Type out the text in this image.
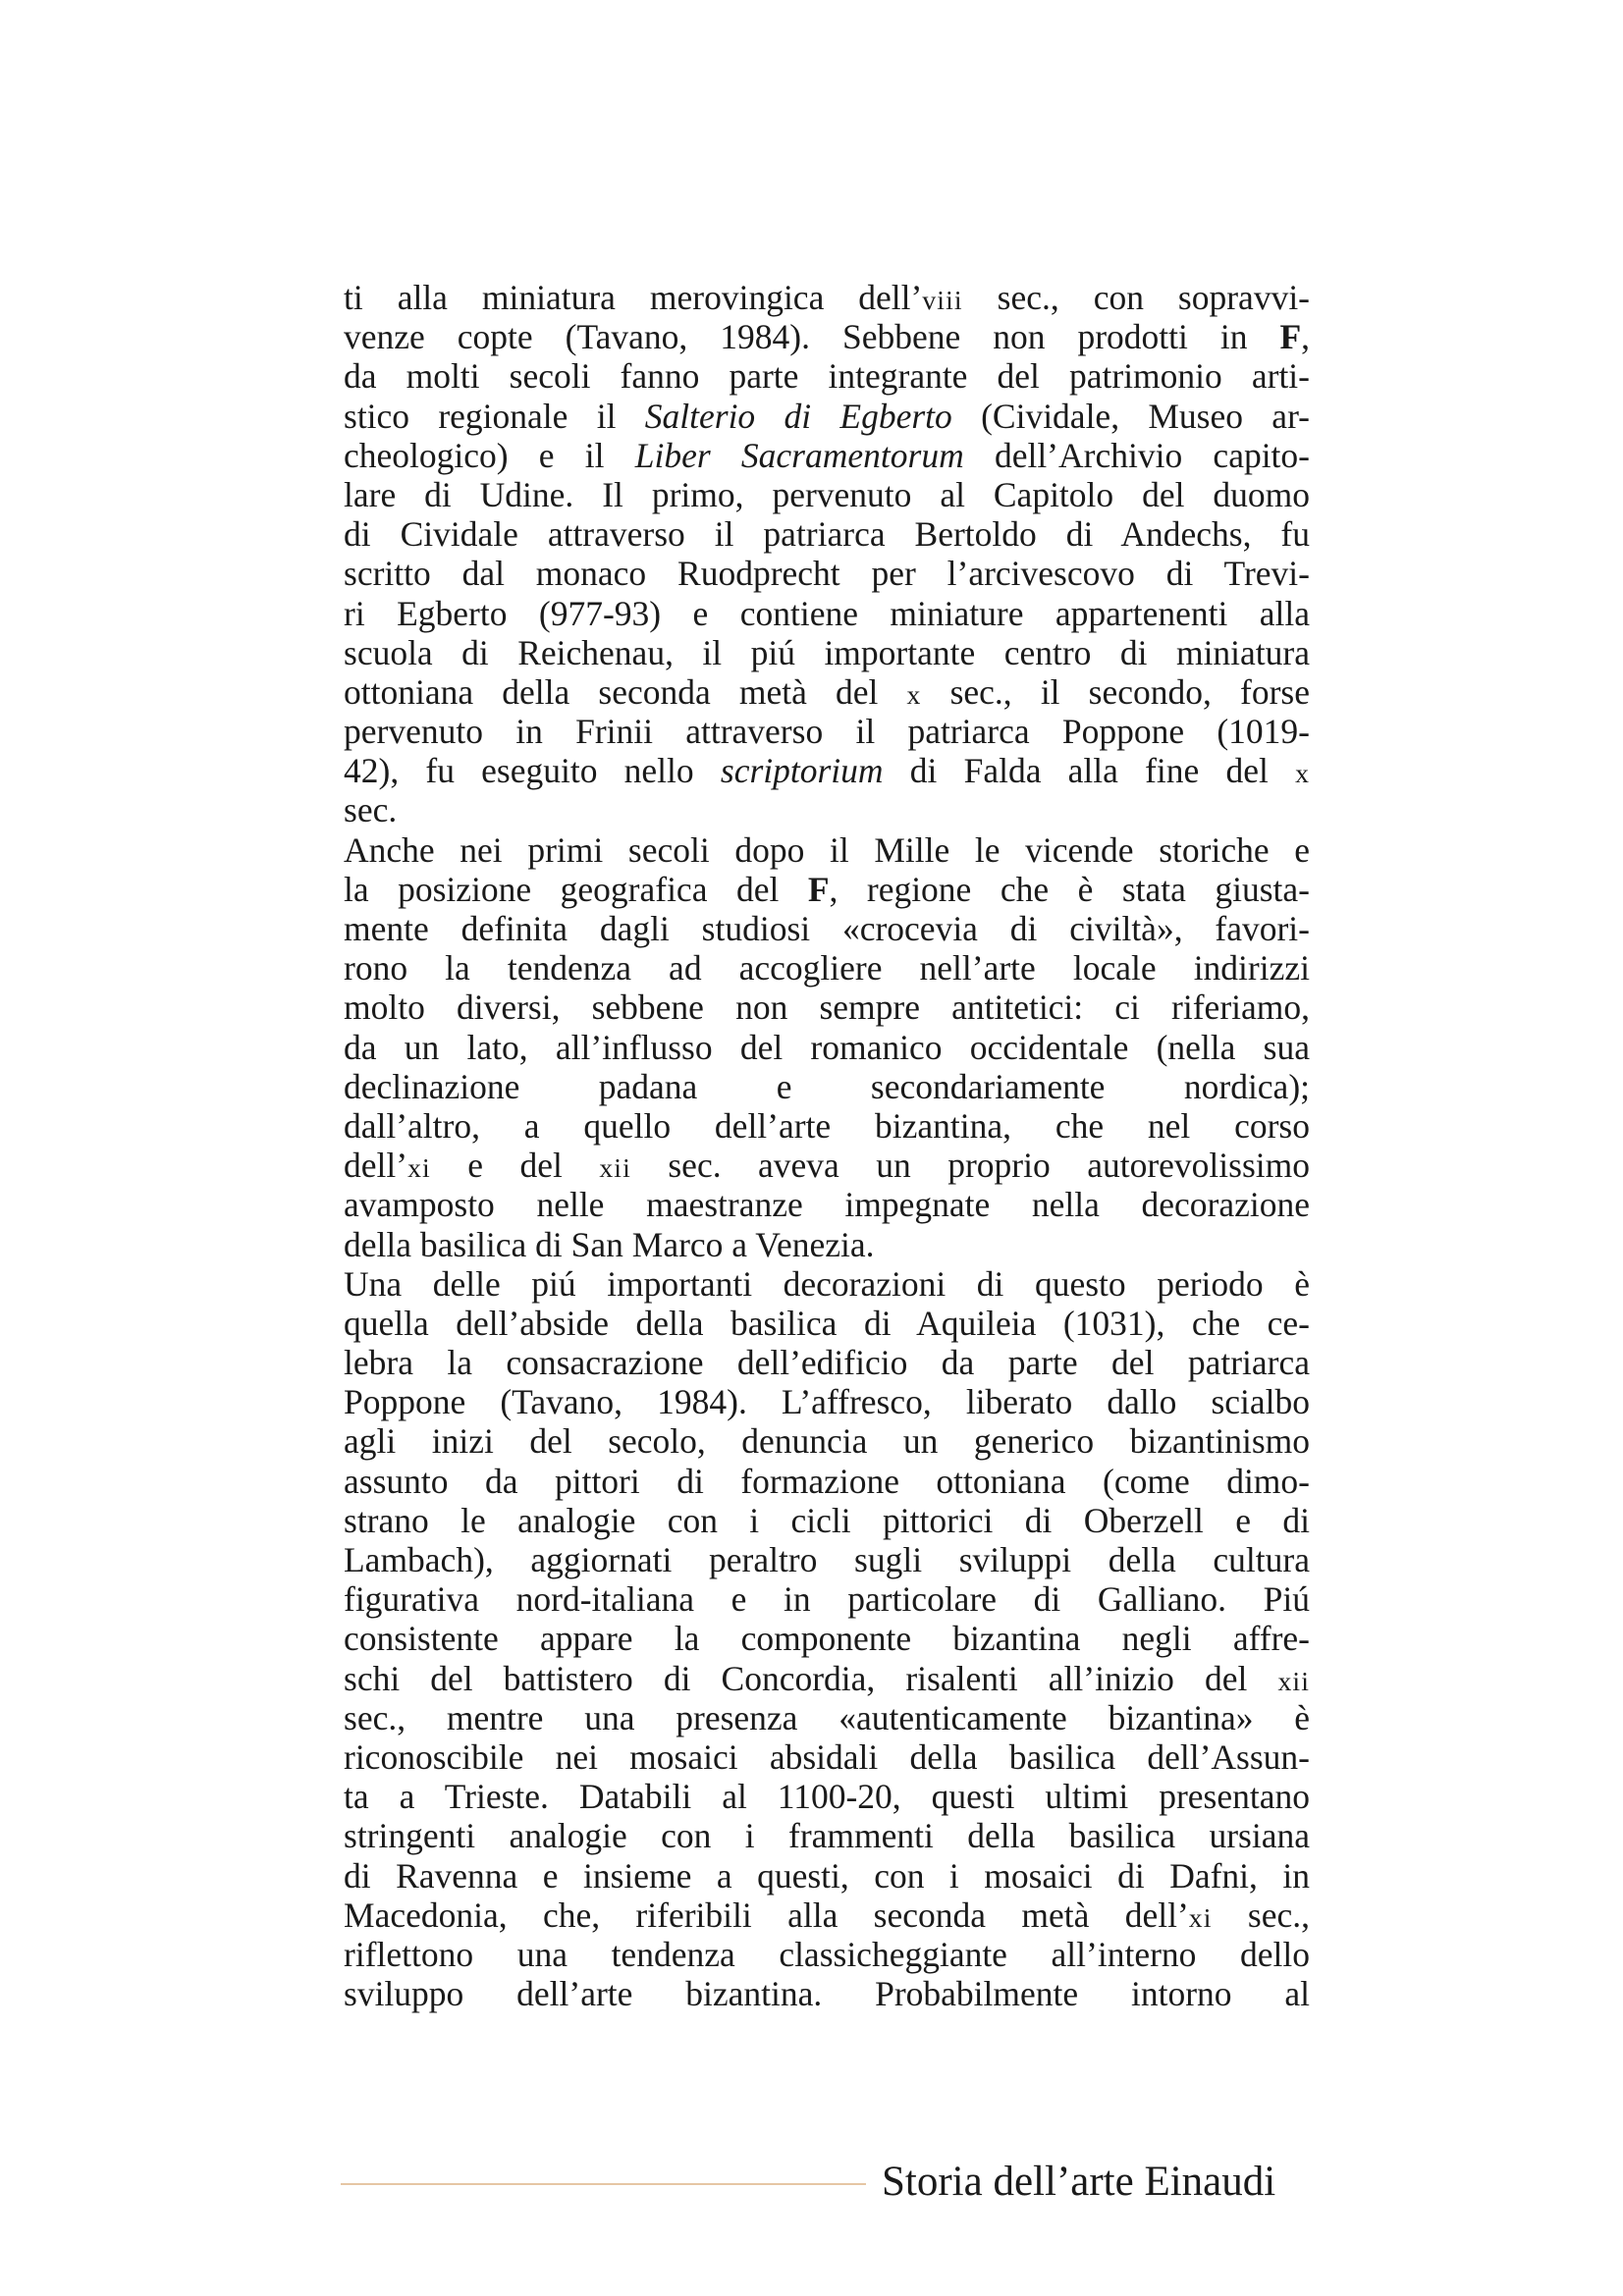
ti alla miniatura merovingica dell’viii sec., con sopravvi-
venze copte (Tavano, 1984). Sebbene non prodotti in F,
da molti secoli fanno parte integrante del patrimonio arti-
stico regionale il Salterio di Egberto (Cividale, Museo ar-
cheologico) e il Liber Sacramentorum dell’Archivio capito-
lare di Udine. Il primo, pervenuto al Capitolo del duomo
di Cividale attraverso il patriarca Bertoldo di Andechs, fu
scritto dal monaco Ruodprecht per l’arcivescovo di Trevi-
ri Egberto (977-93) e contiene miniature appartenenti alla
scuola di Reichenau, il piú importante centro di miniatura
ottoniana della seconda metà del x sec., il secondo, forse
pervenuto in Frinii attraverso il patriarca Poppone (1019-
42), fu eseguito nello scriptorium di Falda alla fine del x
sec.
Anche nei primi secoli dopo il Mille le vicende storiche e
la posizione geografica del F, regione che è stata giusta-
mente definita dagli studiosi «crocevia di civiltà», favori-
rono la tendenza ad accogliere nell’arte locale indirizzi
molto diversi, sebbene non sempre antitetici: ci riferiamo,
da un lato, all’influsso del romanico occidentale (nella sua
declinazione padana e secondariamente nordica);
dall’altro, a quello dell’arte bizantina, che nel corso
dell’xi e del xii sec. aveva un proprio autorevolissimo
avamposto nelle maestranze impegnate nella decorazione
della basilica di San Marco a Venezia.
Una delle piú importanti decorazioni di questo periodo è
quella dell’abside della basilica di Aquileia (1031), che ce-
lebra la consacrazione dell’edificio da parte del patriarca
Poppone (Tavano, 1984). L’affresco, liberato dallo scialbo
agli inizi del secolo, denuncia un generico bizantinismo
assunto da pittori di formazione ottoniana (come dimo-
strano le analogie con i cicli pittorici di Oberzell e di
Lambach), aggiornati peraltro sugli sviluppi della cultura
figurativa nord-italiana e in particolare di Galliano. Piú
consistente appare la componente bizantina negli affre-
schi del battistero di Concordia, risalenti all’inizio del xii
sec., mentre una presenza «autenticamente bizantina» è
riconoscibile nei mosaici absidali della basilica dell’Assun-
ta a Trieste. Databili al 1100-20, questi ultimi presentano
stringenti analogie con i frammenti della basilica ursiana
di Ravenna e insieme a questi, con i mosaici di Dafni, in
Macedonia, che, riferibili alla seconda metà dell’xi sec.,
riflettono una tendenza classicheggiante all’interno dello
sviluppo dell’arte bizantina. Probabilmente intorno al
Storia dell’arte Einaudi
